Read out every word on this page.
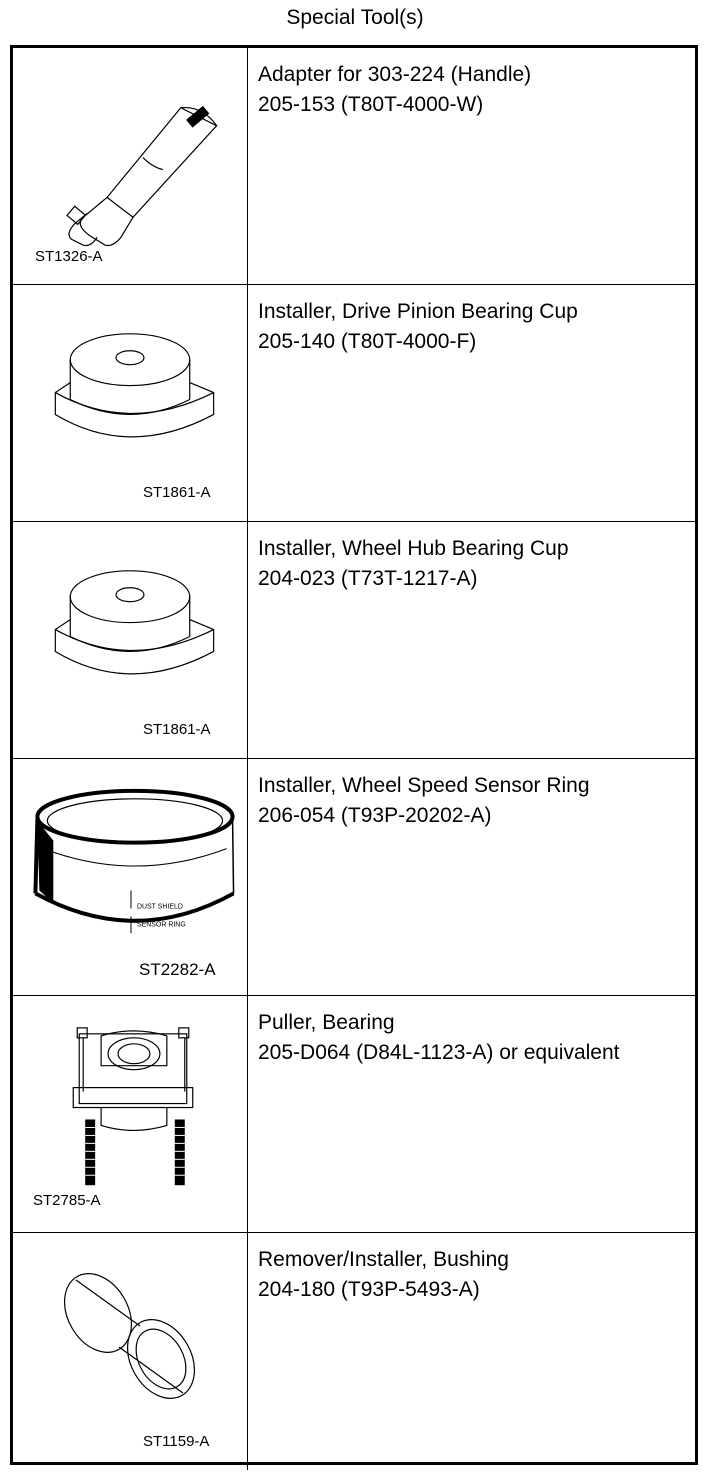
Special Tool(s)
ST1326-A
Adapter for 303-224 (Handle)
205-153 (T80T-4000-W)
ST1861-A
Installer, Drive Pinion Bearing Cup
205-140 (T80T-4000-F)
ST1861-A
Installer, Wheel Hub Bearing Cup
204-023 (T73T-1217-A)
DUST SHIELD
SENSOR RING
ST2282-A
Installer, Wheel Speed Sensor Ring
206-054 (T93P-20202-A)
ST2785-A
Puller, Bearing
205-D064 (D84L-1123-A) or equivalent
ST1159-A
Remover/Installer, Bushing
204-180 (T93P-5493-A)
